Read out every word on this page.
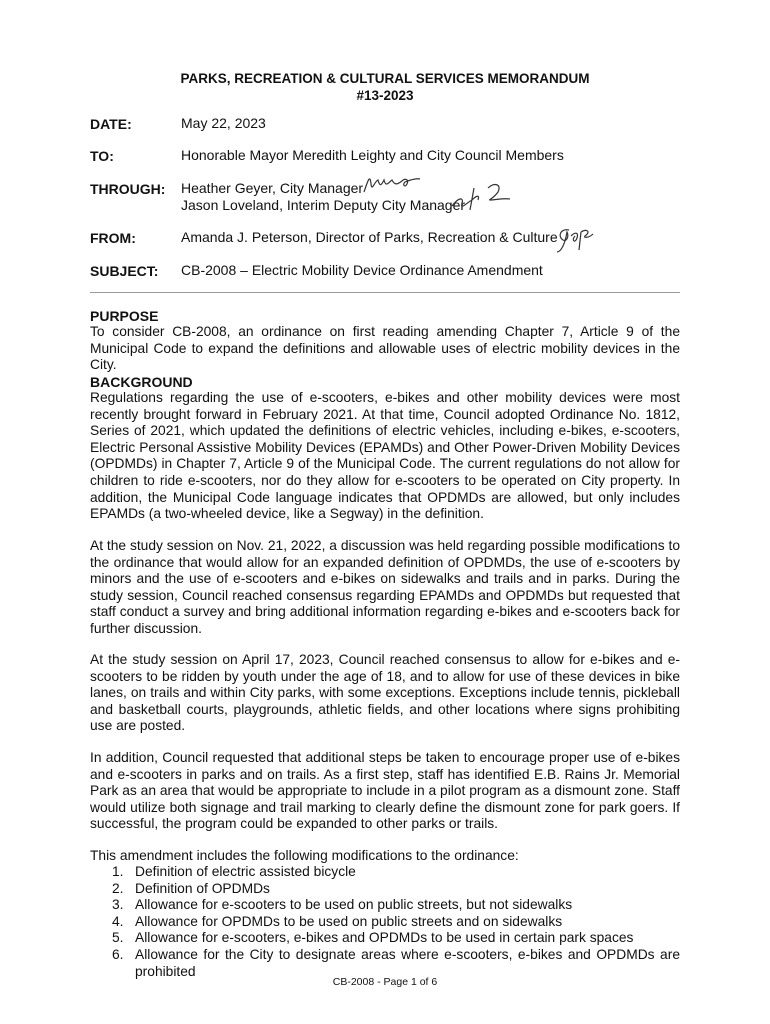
PARKS, RECREATION & CULTURAL SERVICES MEMORANDUM
#13-2023
DATE:	May 22, 2023
TO:	Honorable Mayor Meredith Leighty and City Council Members
THROUGH: Heather Geyer, City Manager
Jason Loveland, Interim Deputy City Manager
FROM:	Amanda J. Peterson, Director of Parks, Recreation & Culture
SUBJECT: CB-2008 – Electric Mobility Device Ordinance Amendment
PURPOSE

To consider CB-2008, an ordinance on first reading amending Chapter 7, Article 9 of the Municipal Code to expand the definitions and allowable uses of electric mobility devices in the City.

BACKGROUND

Regulations regarding the use of e-scooters, e-bikes and other mobility devices were most recently brought forward in February 2021. At that time, Council adopted Ordinance No. 1812, Series of 2021, which updated the definitions of electric vehicles, including e-bikes, e-scooters, Electric Personal Assistive Mobility Devices (EPAMDs) and Other Power-Driven Mobility Devices (OPDMDs) in Chapter 7, Article 9 of the Municipal Code. The current regulations do not allow for children to ride e-scooters, nor do they allow for e-scooters to be operated on City property. In addition, the Municipal Code language indicates that OPDMDs are allowed, but only includes EPAMDs (a two-wheeled device, like a Segway) in the definition.

At the study session on Nov. 21, 2022, a discussion was held regarding possible modifications to the ordinance that would allow for an expanded definition of OPDMDs, the use of e-scooters by minors and the use of e-scooters and e-bikes on sidewalks and trails and in parks. During the study session, Council reached consensus regarding EPAMDs and OPDMDs but requested that staff conduct a survey and bring additional information regarding e-bikes and e-scooters back for further discussion.

At the study session on April 17, 2023, Council reached consensus to allow for e-bikes and e-scooters to be ridden by youth under the age of 18, and to allow for use of these devices in bike lanes, on trails and within City parks, with some exceptions. Exceptions include tennis, pickleball and basketball courts, playgrounds, athletic fields, and other locations where signs prohibiting use are posted.

In addition, Council requested that additional steps be taken to encourage proper use of e-bikes and e-scooters in parks and on trails. As a first step, staff has identified E.B. Rains Jr. Memorial Park as an area that would be appropriate to include in a pilot program as a dismount zone. Staff would utilize both signage and trail marking to clearly define the dismount zone for park goers. If successful, the program could be expanded to other parks or trails.

This amendment includes the following modifications to the ordinance:

1. Definition of electric assisted bicycle
2. Definition of OPDMDs
3. Allowance for e-scooters to be used on public streets, but not sidewalks
4. Allowance for OPDMDs to be used on public streets and on sidewalks
5. Allowance for e-scooters, e-bikes and OPDMDs to be used in certain park spaces
6. Allowance for the City to designate areas where e-scooters, e-bikes and OPDMDs are prohibited
CB-2008 - Page 1 of 6
